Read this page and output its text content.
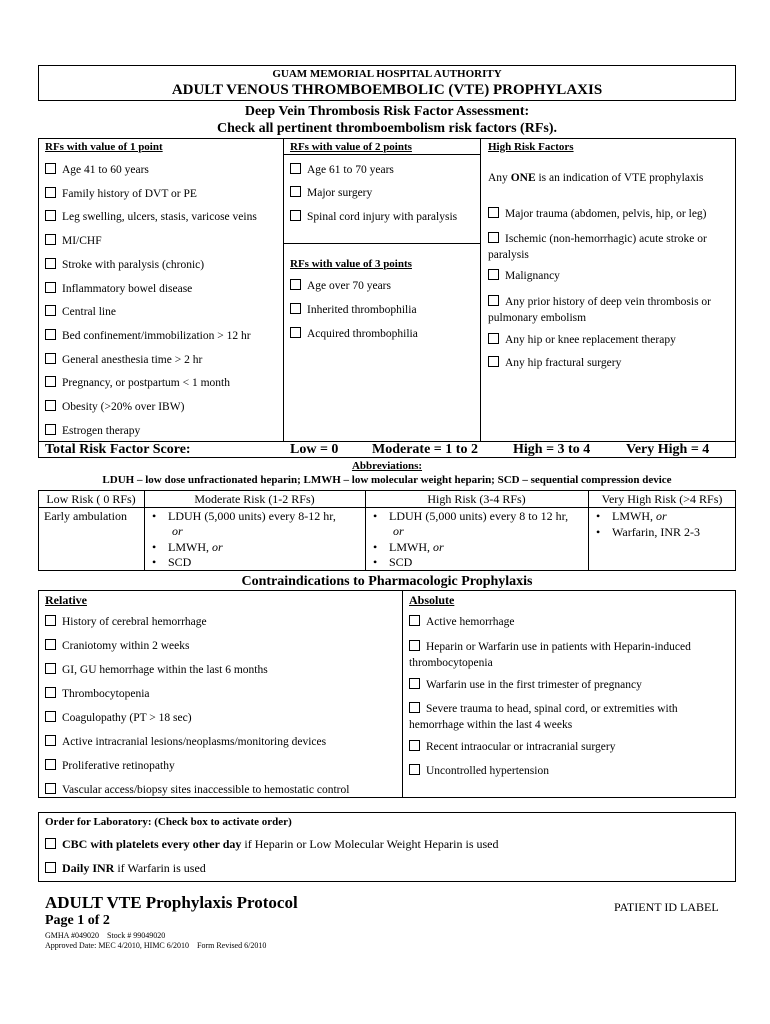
GUAM MEMORIAL HOSPITAL AUTHORITY
ADULT VENOUS THROMBOEMBOLIC (VTE) PROPHYLAXIS
Deep Vein Thrombosis Risk Factor Assessment:
Check all pertinent thromboembolism risk factors (RFs).
RFs with value of 1 point	RFs with value of 2 points	High Risk Factors
Age 41 to 60 years
Family history of DVT or PE
Leg swelling, ulcers, stasis, varicose veins
MI/CHF
Stroke with paralysis (chronic)
Inflammatory bowel disease
Central line
Bed confinement/immobilization > 12 hr
General anesthesia time > 2 hr
Pregnancy, or postpartum < 1 month
Obesity (>20% over IBW)
Estrogen therapy
Age 61 to 70 years
Major surgery
Spinal cord injury with paralysis
RFs with value of 3 points
Age over 70 years
Inherited thrombophilia
Acquired thrombophilia
Any ONE is an indication of VTE prophylaxis
Major trauma (abdomen, pelvis, hip, or leg)
Ischemic (non-hemorrhagic) acute stroke or paralysis
Malignancy
Any prior history of deep vein thrombosis or pulmonary embolism
Any hip or knee replacement therapy
Any hip fractural surgery
Total Risk Factor Score:	Low = 0 Moderate = 1 to 2	High = 3 to 4	Very High = 4
Abbreviations:
LDUH – low dose unfractionated heparin; LMWH – low molecular weight heparin; SCD – sequential compression device
Low Risk ( 0 RFs)	Moderate Risk (1-2 RFs)	High Risk (3-4 RFs)	Very High Risk (>4 RFs)
Early ambulation
•	LDUH (5,000 units) every 8-12 hr,
or
• LMWH, or
• SCD
• LDUH (5,000 units) every 8 to 12 hr,
or
• LMWH, or
• SCD
• LMWH, or
• Warfarin, INR 2-3
Contraindications to Pharmacologic Prophylaxis
Relative	Absolute
History of cerebral hemorrhage
Craniotomy within 2 weeks
GI, GU hemorrhage within the last 6 months
Thrombocytopenia
Coagulopathy (PT > 18 sec)
Active intracranial lesions/neoplasms/monitoring devices
Proliferative retinopathy
Vascular access/biopsy sites inaccessible to hemostatic control
Active hemorrhage
Heparin or Warfarin use in patients with Heparin-induced thrombocytopenia
Warfarin use in the first trimester of pregnancy
Severe trauma to head, spinal cord, or extremities with hemorrhage within the last 4 weeks
Recent intraocular or intracranial surgery
Uncontrolled hypertension
Order for Laboratory: (Check box to activate order)
CBC with platelets every other day if Heparin or Low Molecular Weight Heparin is used
Daily INR if Warfarin is used
ADULT VTE Prophylaxis Protocol
Page 1 of 2
PATIENT ID LABEL
GMHA #049020 Stock # 99049020
Approved Date: MEC 4/2010, HIMC 6/2010 Form Revised 6/2010
